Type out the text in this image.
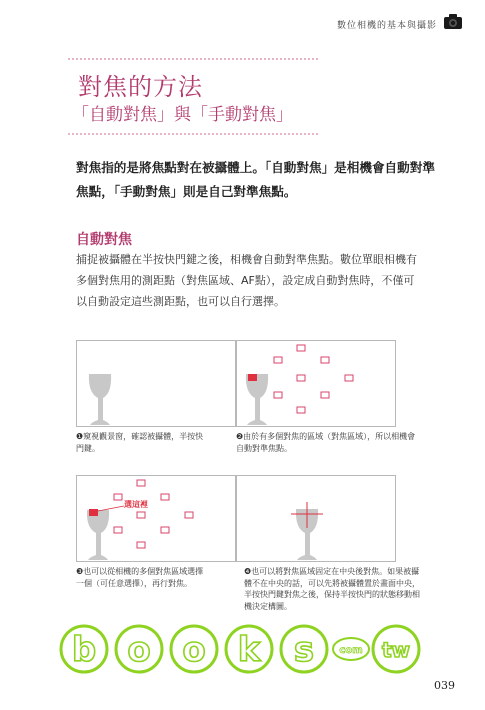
數位相機的基本與攝影
對焦的方法
「自動對焦」與「手動對焦」
對焦指的是將焦點對在被攝體上。「自動對焦」是相機會自動對準
焦點，「手動對焦」則是自己對準焦點。
自動對焦
捕捉被攝體在半按快門鍵之後，相機會自動對準焦點。數位單眼相機有
多個對焦用的測距點（對焦區域、AF點），設定成自動對焦時，不僅可
以自動設定這些測距點，也可以自行選擇。
❶窺視觀景窗，確認被攝體，半按快
門鍵。
❷由於有多個對焦的區域（對焦區域），所以相機會
自動對準焦點。
選這裡
❸也可以從相機的多個對焦區域選擇
一個（可任意選擇），再行對焦。
❹也可以將對焦區域固定在中央後對焦。如果被攝
體不在中央的話，可以先將被攝體置於畫面中央，
半按快門鍵對焦之後，保持半按快門的狀態移動相
機決定構圖。
b o o k s	com tw
039
